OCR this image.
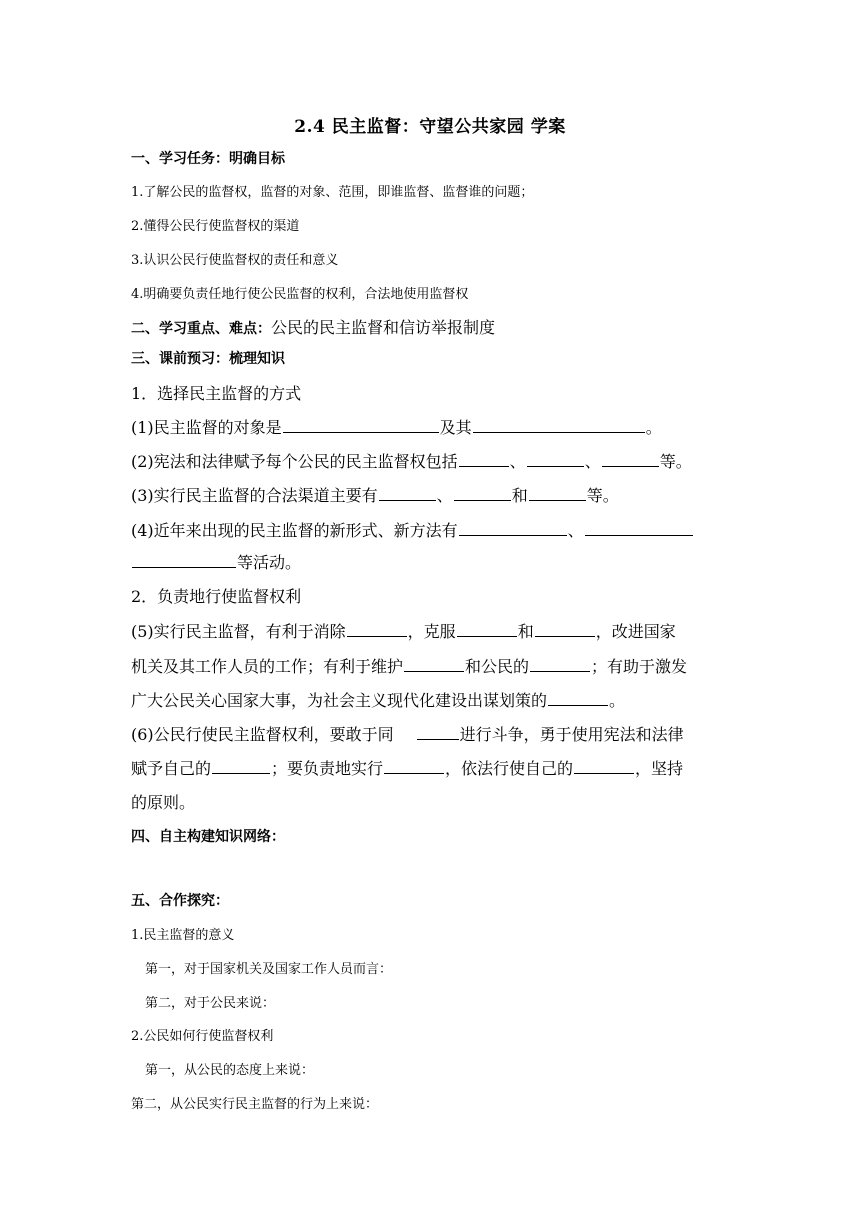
2.4 民主监督：守望公共家园 学案
一、学习任务：明确目标
1.了解公民的监督权，监督的对象、范围，即谁监督、监督谁的问题；
2.懂得公民行使监督权的渠道
3.认识公民行使监督权的责任和意义
4.明确要负责任地行使公民监督的权利，合法地使用监督权
二、学习重点、难点：公民的民主监督和信访举报制度
三、课前预习：梳理知识
1．选择民主监督的方式
(1)民主监督的对象是	及其	。
(2)宪法和法律赋予每个公民的民主监督权包括	、	、	等。
(3)实行民主监督的合法渠道主要有	、	和	等。
(4)近年来出现的民主监督的新形式、新方法有	、
等活动。
2．负责地行使监督权利
(5)实行民主监督，有利于消除	，克服	和	，改进国家
机关及其工作人员的工作；有利于维护	和公民的	；有助于激发
广大公民关心国家大事，为社会主义现代化建设出谋划策的	。
(6)公民行使民主监督权利，要敢于同	进行斗争，勇于使用宪法和法律
赋予自己的	；要负责地实行	，依法行使自己的	，坚持
的原则。
四、自主构建知识网络：
五、合作探究：
1.民主监督的意义
第一，对于国家机关及国家工作人员而言：
第二，对于公民来说：
2.公民如何行使监督权利
第一，从公民的态度上来说：
第二，从公民实行民主监督的行为上来说：
